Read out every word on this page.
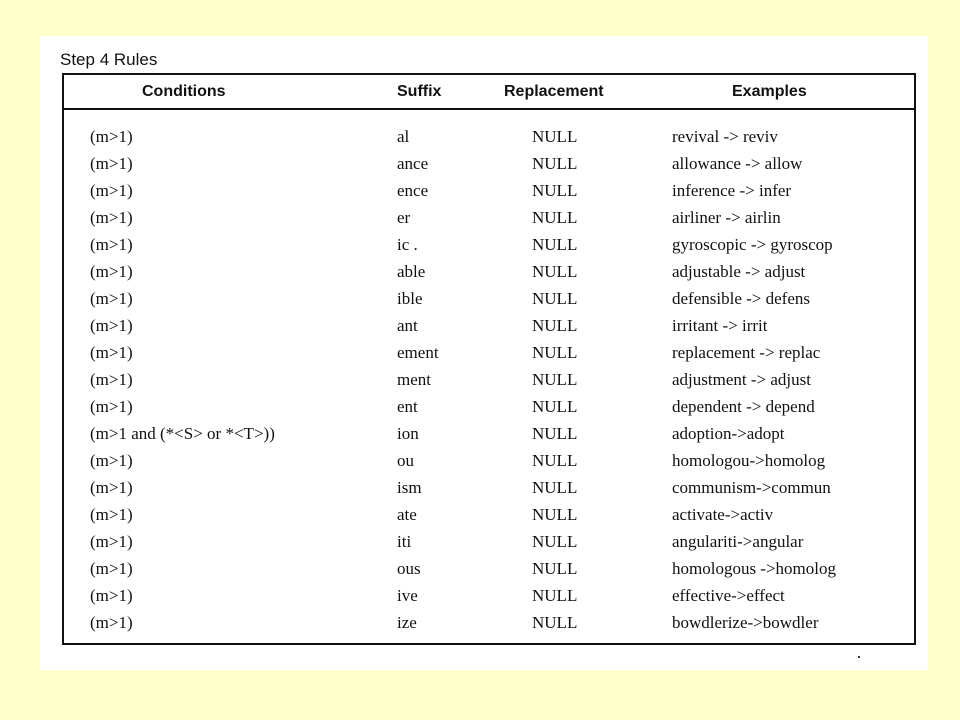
Step 4 Rules
Conditions	Suffix	Replacement	Examples
(m>1)	al	NULL	revival -> reviv
(m>1)	ance	NULL	allowance -> allow
(m>1)	ence	NULL	inference -> infer
(m>1)	er	NULL	airliner -> airlin
(m>1)	ic .	NULL	gyroscopic -> gyroscop
(m>1)	able	NULL	adjustable -> adjust
(m>1)	ible	NULL	defensible -> defens
(m>1)	ant	NULL	irritant -> irrit
(m>1)	ement	NULL	replacement -> replac
(m>1)	ment	NULL	adjustment -> adjust
(m>1)	ent	NULL	dependent -> depend
(m>1 and (*<S> or *<T>))	ion	NULL	adoption->adopt
(m>1)	ou	NULL	homologou->homolog
(m>1)	ism	NULL	communism->commun
(m>1)	ate	NULL	activate->activ
(m>1)	iti	NULL	angulariti->angular
(m>1)	ous	NULL	homologous ->homolog
(m>1)	ive	NULL	effective->effect
(m>1)	ize	NULL	bowdlerize->bowdler
